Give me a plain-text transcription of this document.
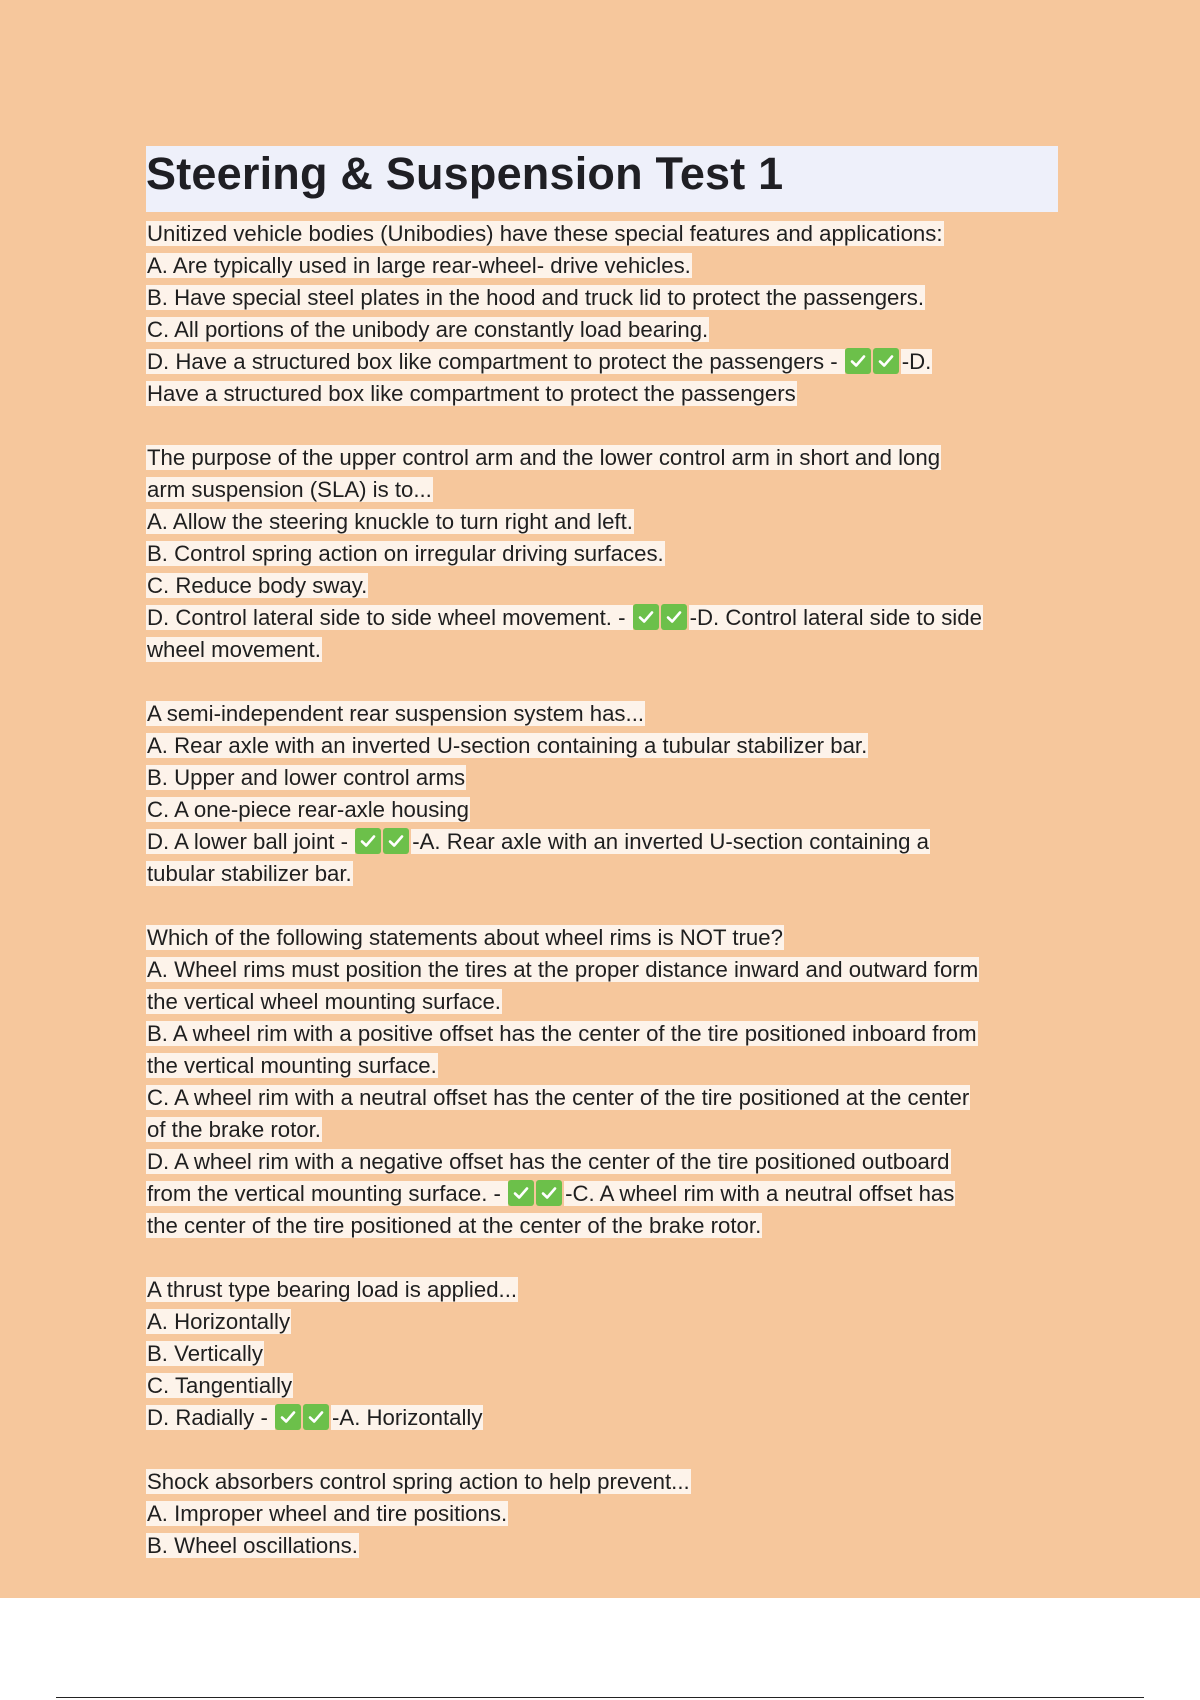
Steering & Suspension Test 1
Unitized vehicle bodies (Unibodies) have these special features and applications:
A. Are typically used in large rear-wheel- drive vehicles.
B. Have special steel plates in the hood and truck lid to protect the passengers.
C. All portions of the unibody are constantly load bearing.
D. Have a structured box like compartment to protect the passengers -	-D.
Have a structured box like compartment to protect the passengers
The purpose of the upper control arm and the lower control arm in short and long
arm suspension (SLA) is to...
A. Allow the steering knuckle to turn right and left.
B. Control spring action on irregular driving surfaces.
C. Reduce body sway.
D. Control lateral side to side wheel movement. -	-D. Control lateral side to side
wheel movement.
A semi-independent rear suspension system has...
A. Rear axle with an inverted U-section containing a tubular stabilizer bar.
B. Upper and lower control arms
C. A one-piece rear-axle housing
D. A lower ball joint -	-A. Rear axle with an inverted U-section containing a
tubular stabilizer bar.
Which of the following statements about wheel rims is NOT true?
A. Wheel rims must position the tires at the proper distance inward and outward form
the vertical wheel mounting surface.
B. A wheel rim with a positive offset has the center of the tire positioned inboard from
the vertical mounting surface.
C. A wheel rim with a neutral offset has the center of the tire positioned at the center
of the brake rotor.
D. A wheel rim with a negative offset has the center of the tire positioned outboard
from the vertical mounting surface. -	-C. A wheel rim with a neutral offset has
the center of the tire positioned at the center of the brake rotor.
A thrust type bearing load is applied...
A. Horizontally
B. Vertically
C. Tangentially
D. Radially -	-A. Horizontally
Shock absorbers control spring action to help prevent...
A. Improper wheel and tire positions.
B. Wheel oscillations.
